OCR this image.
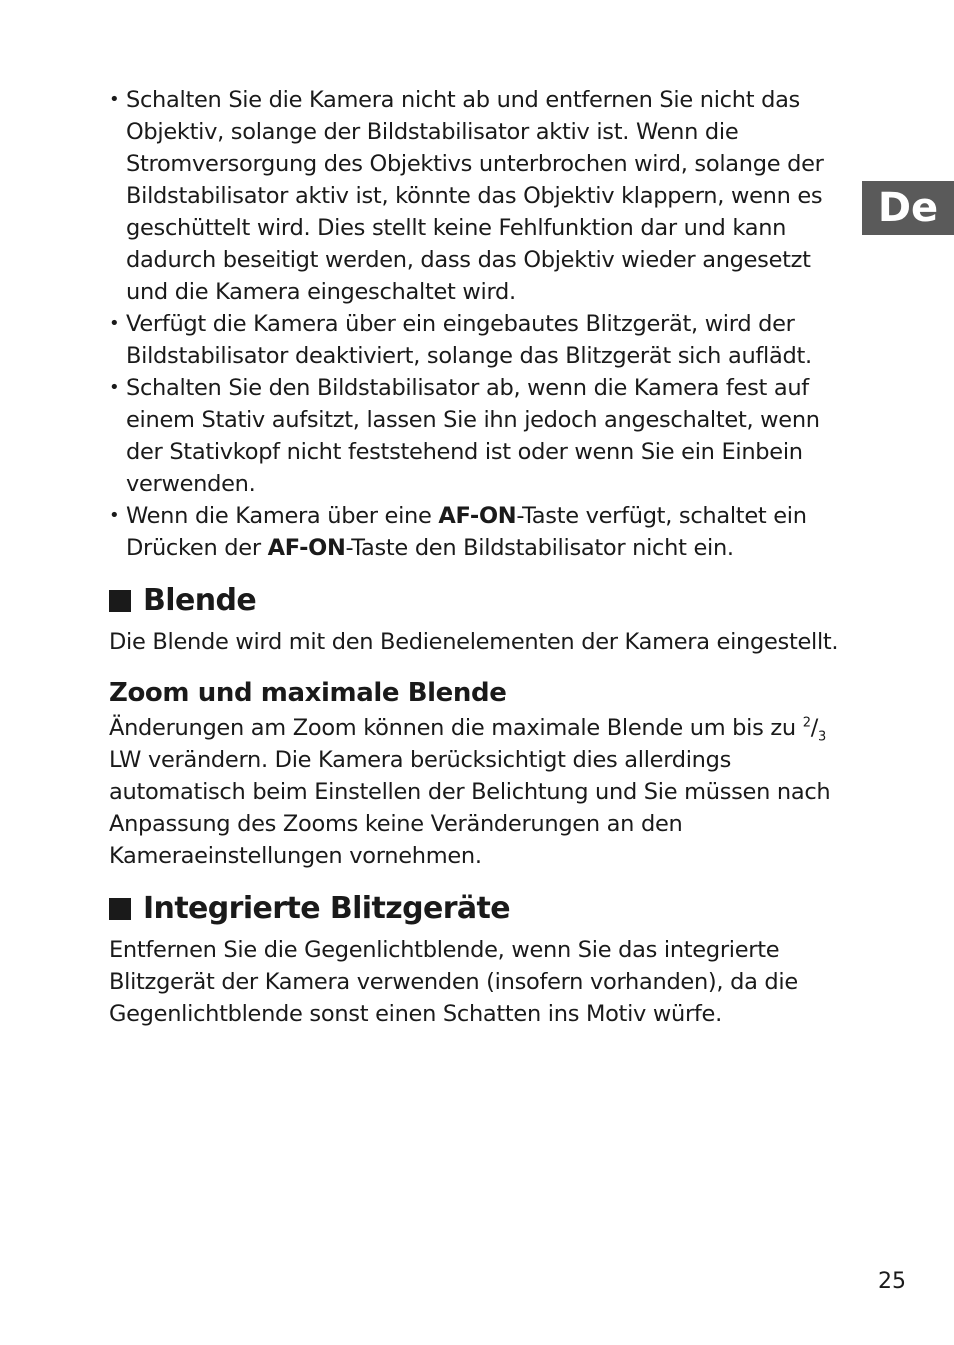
De
• Schalten Sie die Kamera nicht ab und entfernen Sie nicht das Objektiv, solange der Bildstabilisator aktiv ist. Wenn die Stromversorgung des Objektivs unterbrochen wird, solange der Bildstabilisator aktiv ist, könnte das Objektiv klappern, wenn es geschüttelt wird. Dies stellt keine Fehlfunktion dar und kann dadurch beseitigt werden, dass das Objektiv wieder angesetzt und die Kamera eingeschaltet wird.
• Verfügt die Kamera über ein eingebautes Blitzgerät, wird der Bildstabilisator deaktiviert, solange das Blitzgerät sich auflädt.
• Schalten Sie den Bildstabilisator ab, wenn die Kamera fest auf einem Stativ aufsitzt, lassen Sie ihn jedoch angeschaltet, wenn der Stativkopf nicht feststehend ist oder wenn Sie ein Einbein verwenden.
• Wenn die Kamera über eine AF-ON-Taste verfügt, schaltet ein Drücken der AF-ON-Taste den Bildstabilisator nicht ein.
Blende

Die Blende wird mit den Bedienelementen der Kamera eingestellt.

Zoom und maximale Blende

Änderungen am Zoom können die maximale Blende um bis zu $^2/_3$ LW verändern. Die Kamera berücksichtigt dies allerdings automatisch beim Einstellen der Belichtung und Sie müssen nach Anpassung des Zooms keine Veränderungen an den Kameraeinstellungen vornehmen.

Integrierte Blitzgeräte

Entfernen Sie die Gegenlichtblende, wenn Sie das integrierte Blitzgerät der Kamera verwenden (insofern vorhanden), da die Gegenlichtblende sonst einen Schatten ins Motiv würfe.

25
